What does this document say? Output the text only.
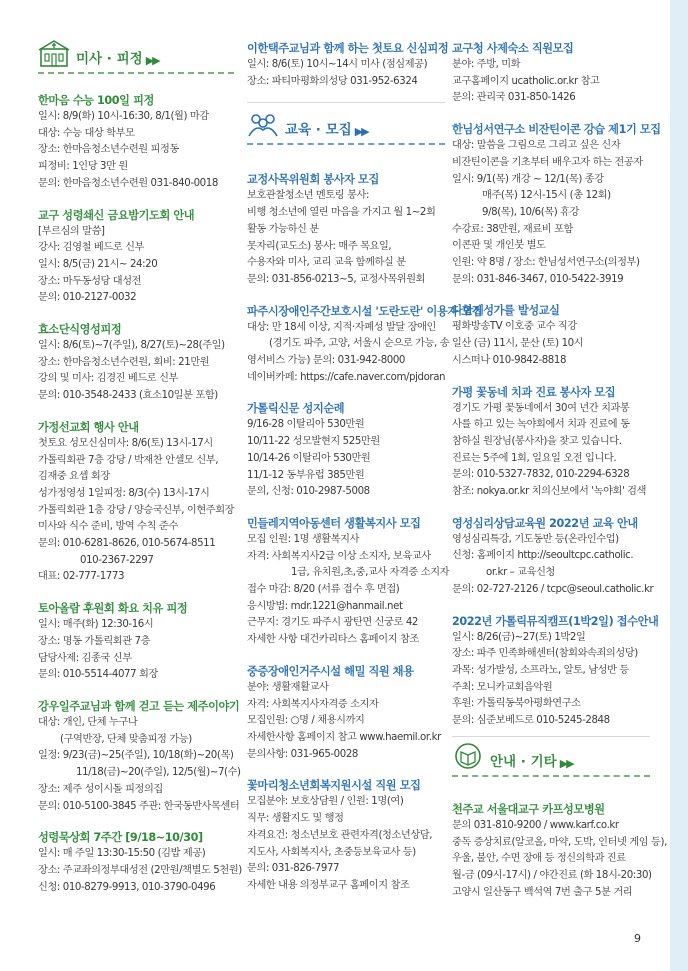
미사 · 피정 ▶▶

한마음 수능 100일 피정

일시: 8/9(화) 10시-16:30, 8/1(월) 마감

대상: 수능 대상 학부모

장소: 한마음청소년수련원 피정동

피정비: 1인당 3만 원

문의: 한마음청소년수련원 031-840-0018

교구 성령쇄신 금요밤기도회 안내

[부르심의 말씀]

강사: 김영철 베드로 신부

일시: 8/5(금) 21시~ 24:20

장소: 마두동성당 대성전

문의: 010-2127-0032

효소단식영성피정

일시: 8/6(토)~7(주일), 8/27(토)~28(주일)

장소: 한마음청소년수련원, 회비: 21만원

강의 및 미사: 김경진 베드로 신부

문의: 010-3548-2433 (효소10일분 포함)

가정선교회 행사 안내

첫토요 성모신심미사: 8/6(토) 13시-17시

가톨릭회관 7층 강당 / 박재찬 안셀모 신부,

김재중 요셉 회장

성가정영성 1일피정: 8/3(수) 13시-17시

가톨릭회관 1층 강당 / 양승국신부, 이현주회장

미사와 식수 준비, 방역 수칙 준수

문의: 010-6281-8626, 010-5674-8511

010-2367-2297

대표: 02-777-1773

토아올람 후원회 화요 치유 피정

일시: 매주(화) 12:30-16시

장소: 명동 가톨릭회관 7층

담당사제: 김종국 신부

문의: 010-5514-4077 회장

강우일주교님과 함께 걷고 듣는 제주이야기

대상: 개인, 단체 누구나

(구역반장, 단체 맞춤피정 가능)

일정: 9/23(금)~25(주일), 10/18(화)~20(목)

11/18(금)~20(주일), 12/5(월)~7(수)

장소: 제주 성이시돌 피정의집

문의: 010-5100-3845 주관: 한국동반사목센터

성령묵상회 7주간 [9/18~10/30]

일시: 매 주일 13:30-15:50 (김밥 제공)

장소: 주교좌의정부대성전 (2만원/책별도 5천원)

신청: 010-8279-9913, 010-3790-0496

이한택주교님과 함께 하는 첫토요 신심피정

일시: 8/6(토) 10시~14시 미사 (점심제공)

장소: 파티마평화의성당 031-952-6324

교육 · 모집 ▶▶

교정사목위원회 봉사자 모집

보호관찰청소년 멘토링 봉사:

비행 청소년에 열린 마음을 가지고 월 1~2회

활동 가능하신 분

못자리(교도소) 봉사: 매주 목요일,

수용자와 미사, 교리 교육 함께하실 분

문의: 031-856-0213~5, 교정사목위원회

파주시장애인주간보호시설 '도란도란' 이용자 모집

대상: 만 18세 이상, 지적·자폐성 발달 장애인

(경기도 파주, 고양, 서울시 순으로 가능, 송

영서비스 가능) 문의: 031-942-8000

네이버카페: https://cafe.naver.com/pjdoran

가톨릭신문 성지순례

9/16-28 이탈리아 530만원

10/11-22 성모발현지 525만원

10/14-26 이탈리아 530만원

11/1-12 동부유럽 385만원

문의, 신청: 010-2987-5008

민들레지역아동센터 생활복지사 모집

모집 인원: 1명 생활복지사

자격: 사회복지사2급 이상 소지자, 보육교사

1급, 유치원,초,중,교사 자격증 소지자

접수 마감: 8/20 (서류 접수 후 면접)

응시방법: mdr.1221@hanmail.net

근무지: 경기도 파주시 광탄면 신궁로 42

자세한 사항 대건카리타스 홈페이지 참조

중증장애인거주시설 해밀 직원 채용

분야: 생활재활교사

자격: 사회복지사자격증 소지자

모집인원: ○명 / 채용시까지

자세한사항 홈페이지 참고 www.haemil.or.kr

문의사항: 031-965-0028

꽃마리청소년회복지원시설 직원 모집

모집분야: 보호상담원 / 인원: 1명(여)

직무: 생활지도 및 행정

자격요건: 청소년보호 관련자격(청소년상담,

지도사, 사회복지사, 초중등보육교사 등)

문의: 031-826-7977

자세한 내용 의정부교구 홈페이지 참조

교구청 사제숙소 직원모집

분야: 주방, 미화

교구홈페이지 ucatholic.or.kr 참고

문의: 관리국 031-850-1426

한님성서연구소 비잔틴이콘 강습 제1기 모집

대상: 말씀을 그림으로 그리고 싶은 신자

비잔틴이콘을 기초부터 배우고자 하는 전공자

일시: 9/1(목) 개강 ~ 12/1(목) 종강

매주(목) 12시-15시 (총 12회)

9/8(목), 10/6(목) 휴강

수강료: 38만원, 재료비 포함

이콘판 및 개인붓 별도

인원: 약 8명 / 장소: 한님성서연구소(의정부)

문의: 031-846-3467, 010-5422-3919

다함께성가를 발성교실

평화방송TV 이호중 교수 직강

일산 (금) 11시, 문산 (토) 10시

시스떠나 010-9842-8818

가평 꽃동네 치과 진료 봉사자 모집

경기도 가평 꽃동네에서 30여 년간 치과봉

사를 하고 있는 녹야회에서 치과 진료에 동

참하실 원장님(봉사자)을 찾고 있습니다.

진료는 5주에 1회, 일요일 오전 입니다.

문의: 010-5327-7832, 010-2294-6328

참조: nokya.or.kr 치의신보에서 '녹야회' 검색

영성심리상담교육원 2022년 교육 안내

영성심리특강, 기도동반 등(온라인수업)

신청: 홈페이지 http://seoultcpc.catholic.

or.kr – 교육신청

문의: 02-727-2126 / tcpc@seoul.catholic.kr

2022년 가톨릭뮤직캠프(1박2일) 접수안내

일시: 8/26(금)~27(토) 1박2일

장소: 파주 민족화해센터(참회와속죄의성당)

과목: 성가발성, 소프라노, 알토, 남성반 등

주최: 모니카교회음악원

후원: 가톨릭동북아평화연구소

문의: 심준보베드로 010-5245-2848

안내 · 기타 ▶▶

천주교 서울대교구 카프성모병원

문의 031-810-9200 / www.karf.co.kr

중독 증상치료(알코올, 마약, 도박, 인터넷 게임 등),

우울, 불안, 수면 장애 등 정신의학과 진료

월-금 (09시-17시) / 야간진료 (화 18시-20:30)

고양시 일산동구 백석역 7번 출구 5분 거리

9
